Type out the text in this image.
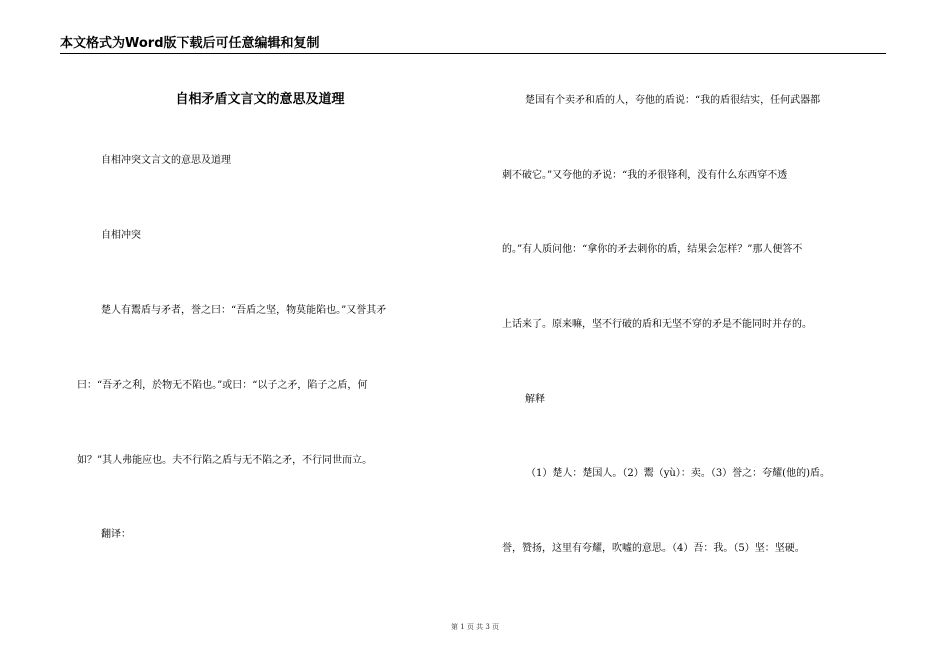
本文格式为Word版下载后可任意编辑和复制
自相矛盾文言文的意思及道理
自相冲突文言文的意思及道理
自相冲突
楚人有鬻盾与矛者，誉之曰：“吾盾之坚，物莫能陷也。”又誉其矛
曰：“吾矛之利，於物无不陷也。”或曰：“以子之矛，陷子之盾，何
如？”其人弗能应也。夫不行陷之盾与无不陷之矛，不行同世而立。
翻译：
楚国有个卖矛和盾的人，夸他的盾说：“我的盾很结实，任何武器都
刺不破它。”又夸他的矛说：“我的矛很锋利，没有什么东西穿不透
的。”有人质问他：“拿你的矛去刺你的盾，结果会怎样？”那人便答不
上话来了。原来嘛，坚不行破的盾和无坚不穿的矛是不能同时并存的。
解释
（1）楚人：楚国人。（2）鬻（yù）：卖。（3）誉之：夸耀(他的)盾。
誉，赞扬，这里有夸耀，吹嘘的意思。（4）吾：我。（5）坚：坚硬。
第 1 页 共 3 页
